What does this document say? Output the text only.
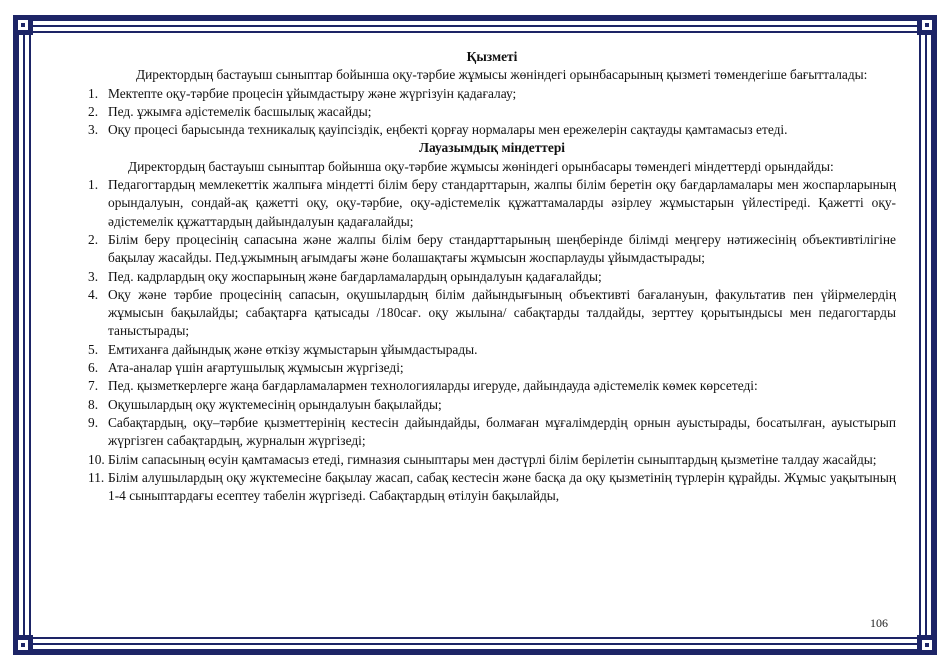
Қызметі

Директордың бастауыш сыныптар бойынша оқу-тәрбие жұмысы жөніндегі орынбасарының қызметі төмендегіше бағытталады:

1. Мектепте оқу-тәрбие процесін ұйымдастыру және жүргізуін қадағалау;
2. Пед. ұжымға әдістемелік басшылық жасайды;
3. Оқу процесі барысында техникалық қауіпсіздік, еңбекті қорғау нормалары мен ережелерін сақтауды қамтамасыз етеді.
Лауазымдық міндеттері

Директордың бастауыш сыныптар бойынша оқу-тәрбие жұмысы жөніндегі орынбасары төмендегі міндеттерді орындайды:

1. Педагогтардың мемлекеттік жалпыға міндетті білім беру стандарттарын, жалпы білім беретін оқу бағдарламалары мен жоспарларының орындалуын, сондай-ақ қажетті оқу, оқу-тәрбие, оқу-әдістемелік құжаттамаларды әзірлеу жұмыстарын үйлестіреді. Қажетті оқу-әдістемелік құжаттардың дайындалуын қадағалайды;
2. Білім беру процесінің сапасына және жалпы білім беру стандарттарының шеңберінде білімді меңгеру нәтижесінің объективтілігіне бақылау жасайды. Пед.ұжымның ағымдағы және болашақтағы жұмысын жоспарлауды ұйымдастырады;
3. Пед. кадрлардың оқу жоспарының және бағдарламалардың орындалуын қадағалайды;
4. Оқу және тәрбие процесінің сапасын, оқушылардың білім дайындығының объективті бағалануын, факультатив пен үйірмелердің жұмысын бақылайды; сабақтарға қатысады /180сағ. оқу жылына/ сабақтарды талдайды, зерттеу қорытындысы мен педагогтарды таныстырады;
5. Емтиханға дайындық және өткізу жұмыстарын ұйымдастырады.
6. Ата-аналар үшін ағартушылық жұмысын жүргізеді;
7. Пед. қызметкерлерге жаңа бағдарламалармен технологияларды игеруде, дайындауда әдістемелік көмек көрсетеді:
8. Оқушылардың оқу жүктемесінің орындалуын бақылайды;
9. Сабақтардың, оқу–тәрбие қызметтерінің кестесін дайындайды, болмаған мұғалімдердің орнын ауыстырады, босатылған, ауыстырып жүргізген сабақтардың, журналын жүргізеді;
10. Білім сапасының өсуін қамтамасыз етеді, гимназия сыныптары мен дәстүрлі білім берілетін сыныптардың қызметіне талдау жасайды;
11. Білім алушылардың оқу жүктемесіне бақылау жасап, сабақ кестесін және басқа да оқу қызметінің түрлерін құрайды. Жұмыс уақытының 1-4 сыныптардағы есептеу табелін жүргізеді. Сабақтардың өтілуін бақылайды,
106
